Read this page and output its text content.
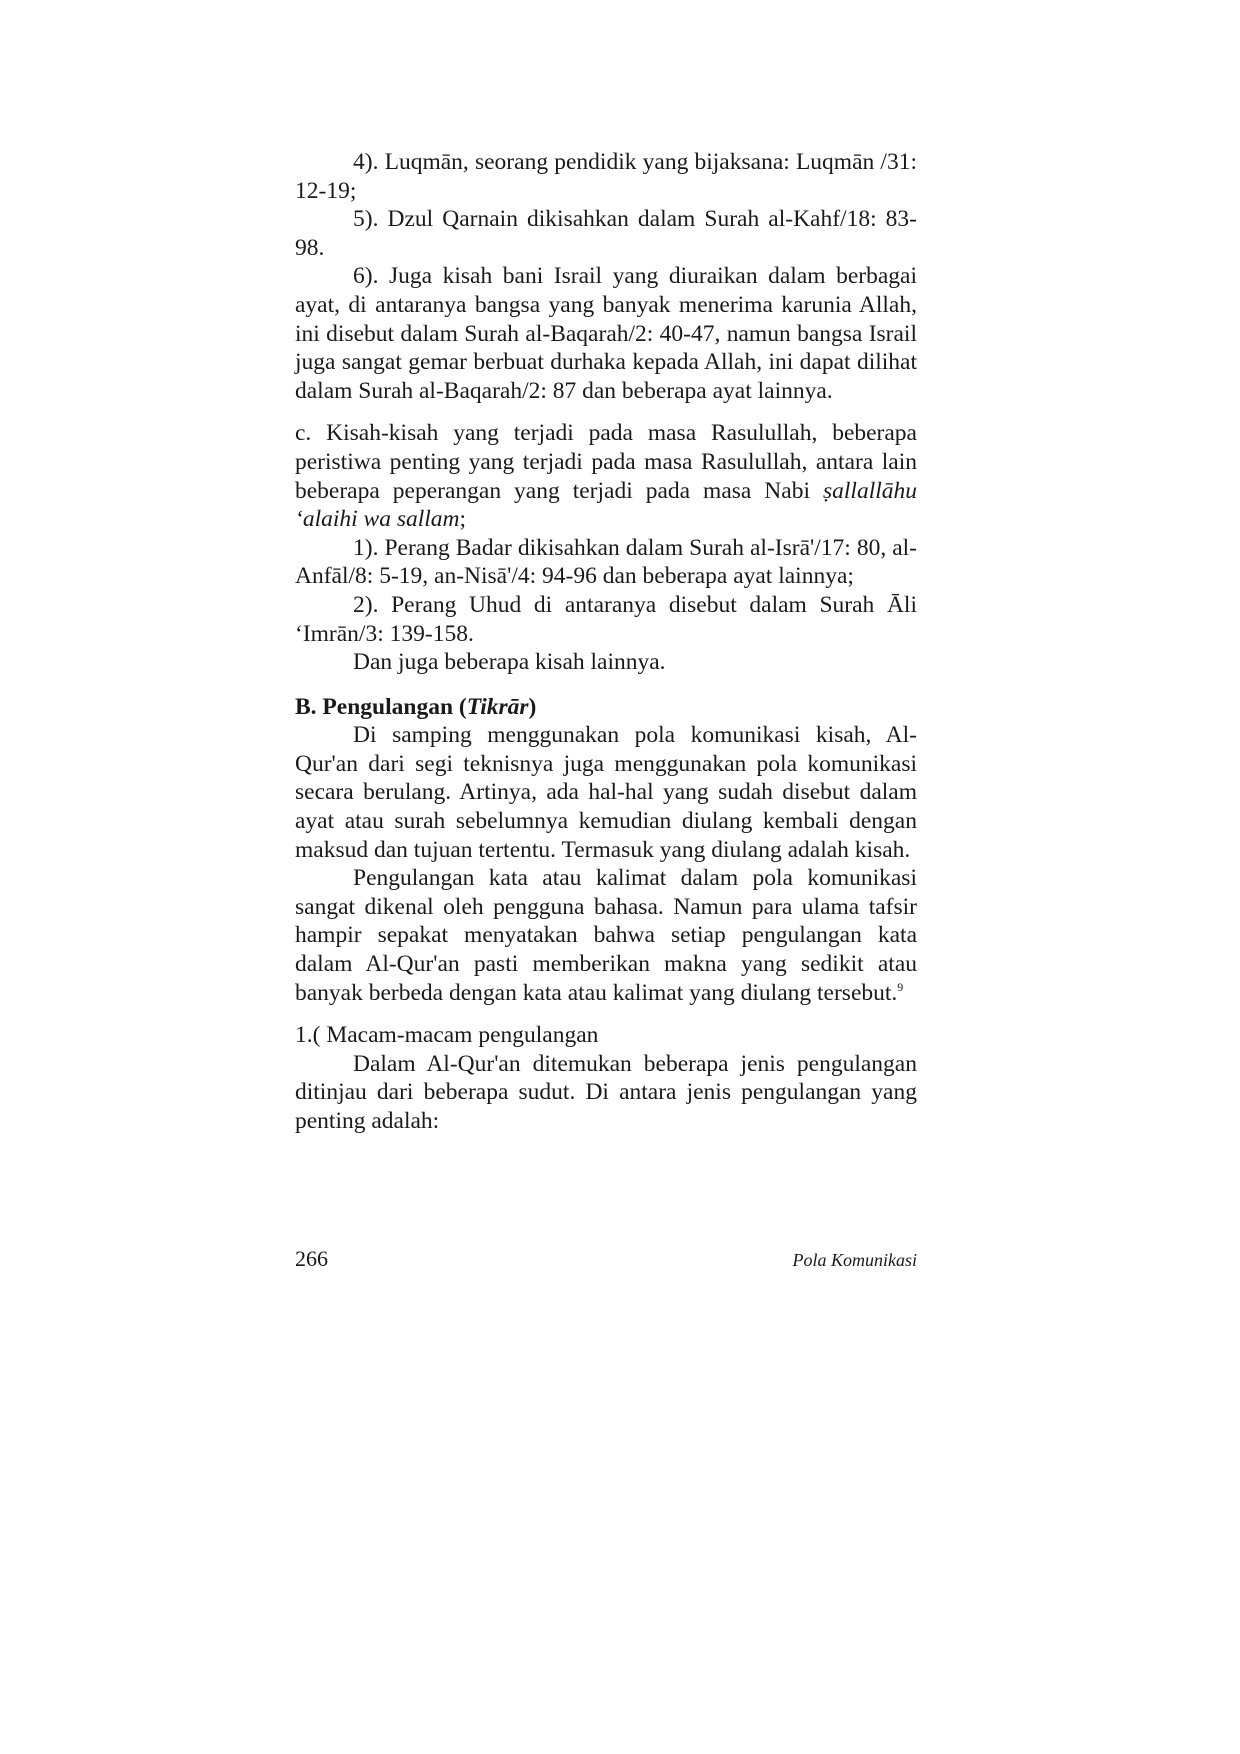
4). Luqmān, seorang pendidik yang bijaksana: Luqmān /31: 12-19;

5). Dzul Qarnain dikisahkan dalam Surah al-Kahf/18: 83-98.

6). Juga kisah bani Israil yang diuraikan dalam berbagai ayat, di antaranya bangsa yang banyak menerima karunia Allah, ini disebut dalam Surah al-Baqarah/2: 40-47, namun bangsa Israil juga sangat gemar berbuat durhaka kepada Allah, ini dapat dilihat dalam Surah al-Baqarah/2: 87 dan beberapa ayat lainnya.

c. Kisah-kisah yang terjadi pada masa Rasulullah, beberapa peristiwa penting yang terjadi pada masa Rasulullah, antara lain beberapa peperangan yang terjadi pada masa Nabi ṣallallāhu ‘alaihi wa sallam;

1). Perang Badar dikisahkan dalam Surah al-Isrā'/17: 80, al-Anfāl/8: 5-19, an-Nisā'/4: 94-96 dan beberapa ayat lainnya;

2). Perang Uhud di antaranya disebut dalam Surah Āli ‘Imrān/3: 139-158.

Dan juga beberapa kisah lainnya.

B. Pengulangan (Tikrār)

Di samping menggunakan pola komunikasi kisah, Al-Qur'an dari segi teknisnya juga menggunakan pola komunikasi secara berulang. Artinya, ada hal-hal yang sudah disebut dalam ayat atau surah sebelumnya kemudian diulang kembali dengan maksud dan tujuan tertentu. Termasuk yang diulang adalah kisah.

Pengulangan kata atau kalimat dalam pola komunikasi sangat dikenal oleh pengguna bahasa. Namun para ulama tafsir hampir sepakat menyatakan bahwa setiap pengulangan kata dalam Al-Qur'an pasti memberikan makna yang sedikit atau banyak berbeda dengan kata atau kalimat yang diulang tersebut.$^9$

1.( Macam-macam pengulangan

Dalam Al-Qur'an ditemukan beberapa jenis pengulangan ditinjau dari beberapa sudut. Di antara jenis pengulangan yang penting adalah:

266	Pola Komunikasi
